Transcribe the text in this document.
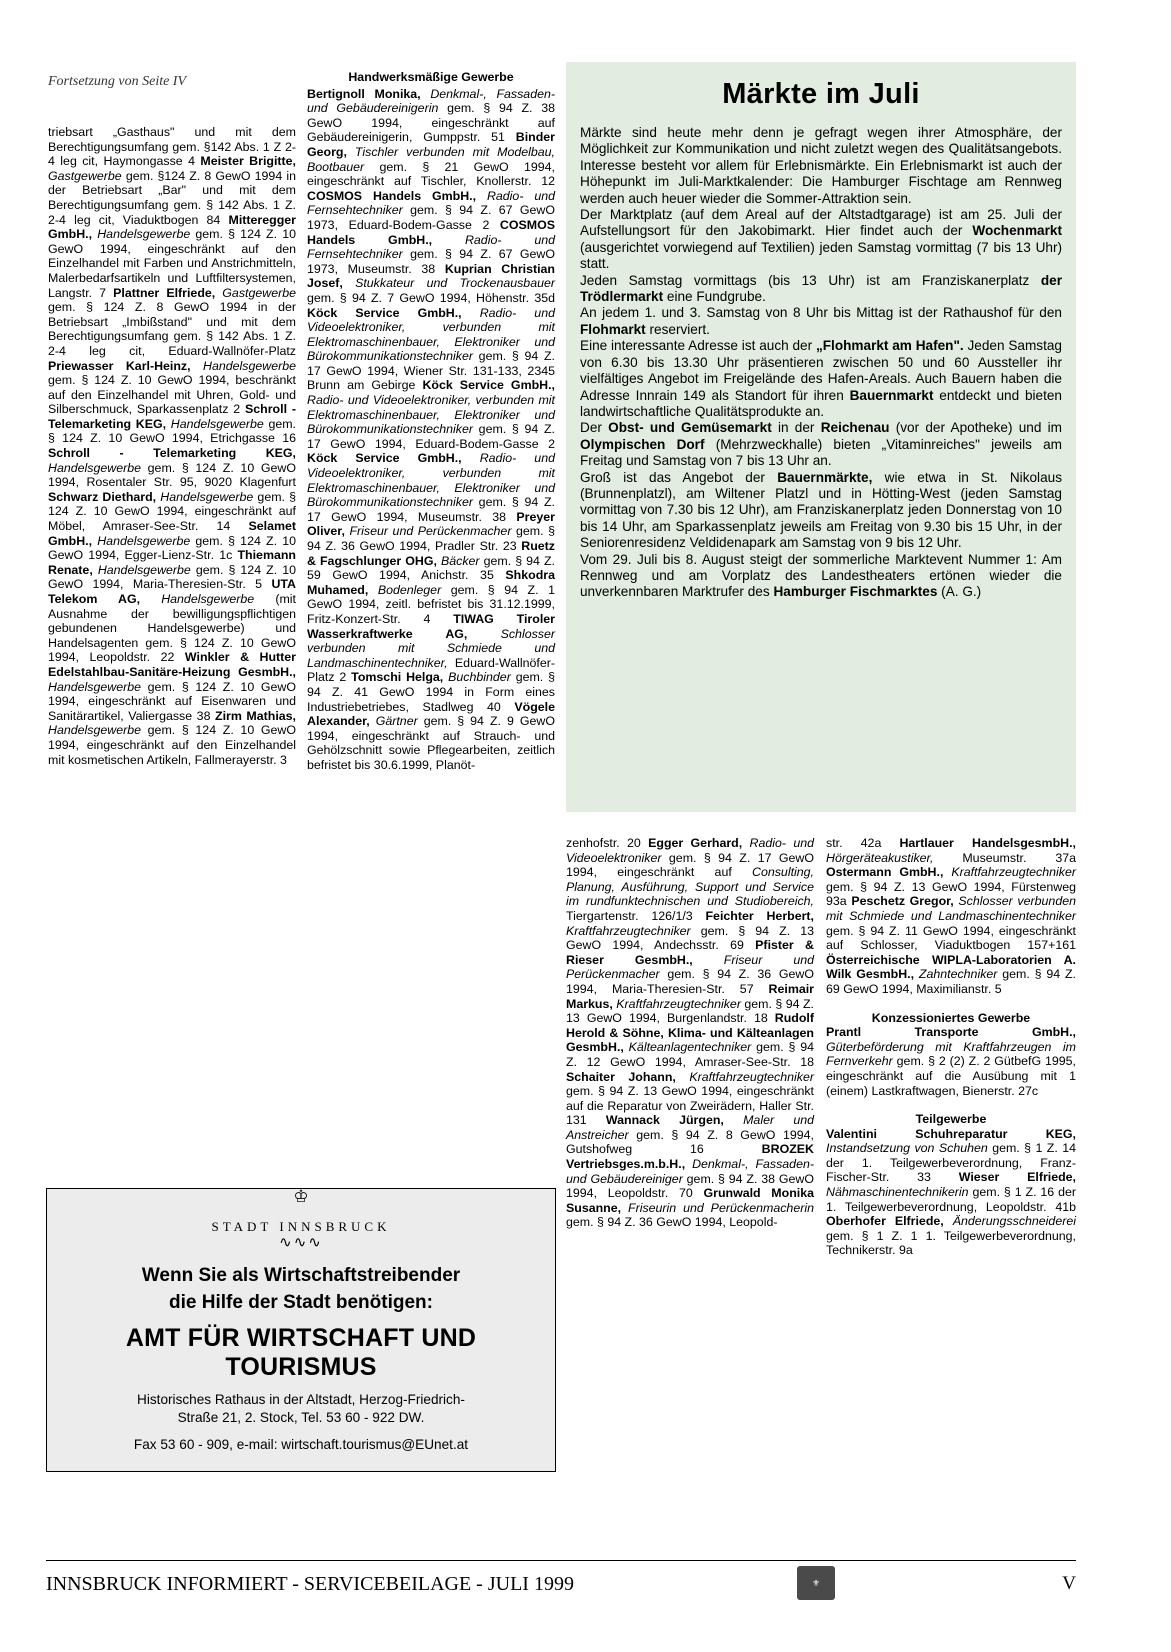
Fortsetzung von Seite IV

triebsart „Gasthaus" und mit dem Berechtigungsumfang gem. §142 Abs. 1 Z 2-4 leg cit, Haymongasse 4 Meister Brigitte, Gastgewerbe gem. §124 Z. 8 GewO 1994 in der Betriebsart „Bar" und mit dem Berechtigungsumfang gem. § 142 Abs. 1 Z. 2-4 leg cit, Viaduktbogen 84 Mitteregger GmbH., Handelsgewerbe gem. § 124 Z. 10 GewO 1994, eingeschränkt auf den Einzelhandel mit Farben und Anstrichmitteln, Malerbedarfsartikeln und Luftfiltersystemen, Langstr. 7 Plattner Elfriede, Gastgewerbe gem. § 124 Z. 8 GewO 1994 in der Betriebsart „Imbißstand" und mit dem Berechtigungsumfang gem. § 142 Abs. 1 Z. 2-4 leg cit, Eduard-Wallnöfer-Platz Priewasser Karl-Heinz, Handelsgewerbe gem. § 124 Z. 10 GewO 1994, beschränkt auf den Einzelhandel mit Uhren, Gold- und Silberschmuck, Sparkassenplatz 2 Schroll - Telemarketing KEG, Handelsgewerbe gem. § 124 Z. 10 GewO 1994, Etrichgasse 16 Schroll - Telemarketing KEG, Handelsgewerbe gem. § 124 Z. 10 GewO 1994, Rosentaler Str. 95, 9020 Klagenfurt Schwarz Diethard, Handelsgewerbe gem. § 124 Z. 10 GewO 1994, eingeschränkt auf Möbel, Amraser-See-Str. 14 Selamet GmbH., Handelsgewerbe gem. § 124 Z. 10 GewO 1994, Egger-Lienz-Str. 1c Thiemann Renate, Handelsgewerbe gem. § 124 Z. 10 GewO 1994, Maria-Theresien-Str. 5 UTA Telekom AG, Handelsgewerbe (mit Ausnahme der bewilligungspflichtigen gebundenen Handelsgewerbe) und Handelsagenten gem. § 124 Z. 10 GewO 1994, Leopoldstr. 22 Winkler & Hutter Edelstahlbau-Sanitäre-Heizung GesmbH., Handelsgewerbe gem. § 124 Z. 10 GewO 1994, eingeschränkt auf Eisenwaren und Sanitärartikel, Valiergasse 38 Zirm Mathias, Handelsgewerbe gem. § 124 Z. 10 GewO 1994, eingeschränkt auf den Einzelhandel mit kosmetischen Artikeln, Fallmerayerstr. 3

Handwerksmäßige Gewerbe

Bertignoll Monika, Denkmal-, Fassaden- und Gebäudereinigerin gem. § 94 Z. 38 GewO 1994, eingeschränkt auf Gebäudereinigerin, Gumppstr. 51 Binder Georg, Tischler verbunden mit Modelbau, Bootbauer gem. § 21 GewO 1994, eingeschränkt auf Tischler, Knollerstr. 12 COSMOS Handels GmbH., Radio- und Fernsehtechniker gem. § 94 Z. 67 GewO 1973, Eduard-Bodem-Gasse 2 COSMOS Handels GmbH.,	Radio- und Fernsehtechniker gem. § 94 Z. 67 GewO 1973, Museumstr. 38 Kuprian Christian Josef, Stukkateur und Trockenausbauer gem. § 94 Z. 7 GewO 1994, Höhenstr. 35d Köck Service GmbH., Radio- und Videoelektroniker, verbunden mit Elektromaschinenbauer, Elektroniker und Bürokommunikationstechniker gem. § 94 Z. 17 GewO 1994, Wiener Str. 131-133, 2345 Brunn am Gebirge Köck Service GmbH., Radio- und Videoelektroniker, verbunden mit Elektromaschinenbauer, Elektroniker und Bürokommunikationstechniker gem. § 94 Z. 17 GewO 1994, Eduard-Bodem-Gasse 2 Köck Service GmbH., Radio- und Videoelektroniker, verbunden mit Elektromaschinenbauer, Elektroniker und Bürokommunikationstechniker gem. § 94 Z. 17 GewO 1994, Museumstr. 38 Preyer Oliver, Friseur und Perückenmacher gem. § 94 Z. 36 GewO 1994, Pradler Str. 23 Ruetz & Fagschlunger OHG, Bäcker gem. § 94 Z. 59 GewO 1994, Anichstr. 35 Shkodra Muhamed, Bodenleger gem. § 94 Z. 1 GewO 1994, zeitl. befristet bis 31.12.1999, Fritz-Konzert-Str. 4 TIWAG Tiroler Wasserkraftwerke AG,	Schlosser verbunden mit Schmiede und Landmaschinentechniker, Eduard-Wallnöfer-Platz 2 Tomschi Helga, Buchbinder gem. § 94 Z. 41 GewO 1994 in Form eines Industriebetriebes, Stadlweg 40 Vögele Alexander, Gärtner gem. § 94 Z. 9 GewO 1994, eingeschränkt auf Strauch- und Gehölzschnitt sowie Pflegearbeiten, zeitlich befristet bis 30.6.1999, Planöt-

zenhofstr. 20 Egger Gerhard, Radio- und Videoelektroniker gem. § 94 Z. 17 GewO 1994, eingeschränkt auf Consulting, Planung, Ausführung, Support und Service im rundfunktechnischen und Studiobereich, Tiergartenstr. 126/1/3 Feichter Herbert, Kraftfahrzeugtechniker gem. § 94 Z. 13 GewO 1994, Andechsstr. 69 Pfister & Rieser GesmbH.,	Friseur und Perückenmacher gem. § 94 Z. 36 GewO 1994, Maria-Theresien-Str. 57 Reimair Markus, Kraftfahrzeugtechniker gem. § 94 Z. 13 GewO 1994, Burgenlandstr. 18 Rudolf Herold & Söhne, Klima- und Kälteanlagen GesmbH., Kälteanlagentechniker gem. § 94 Z. 12 GewO 1994, Amraser-See-Str. 18 Schaiter Johann, Kraftfahrzeugtechniker gem. § 94 Z. 13 GewO 1994, eingeschränkt auf die Reparatur von Zweirädern, Haller Str. 131 Wannack Jürgen, Maler und Anstreicher gem. § 94 Z. 8 GewO 1994, Gutshofweg 16 BROZEK Vertriebsges.m.b.H., Denkmal-, Fassaden- und Gebäudereiniger gem. § 94 Z. 38 GewO 1994, Leopoldstr. 70 Grunwald Monika Susanne, Friseurin und Perückenmacherin gem. § 94 Z. 36 GewO 1994, Leopold-

str. 42a Hartlauer HandelsgesmbH., Hörgeräteakustiker, Museumstr. 37a Ostermann GmbH., Kraftfahrzeugtechniker gem. § 94 Z. 13 GewO 1994, Fürstenweg 93a Peschetz Gregor, Schlosser verbunden mit Schmiede und Landmaschinentechniker gem. § 94 Z. 11 GewO 1994, eingeschränkt auf Schlosser, Viaduktbogen 157+161 Österreichische WIPLA-Laboratorien A. Wilk GesmbH., Zahntechniker gem. § 94 Z. 69 GewO 1994, Maximilianstr. 5

Konzessioniertes Gewerbe

Prantl Transporte GmbH., Güterbeförderung mit Kraftfahrzeugen im Fernverkehr gem. § 2 (2) Z. 2 GütbefG 1995, eingeschränkt auf die Ausübung mit 1 (einem) Lastkraftwagen, Bienerstr. 27c

Teilgewerbe

Valentini Schuhreparatur KEG, Instandsetzung von Schuhen gem. § 1 Z. 14 der 1. Teilgewerbeverordnung, Franz-Fischer-Str. 33 Wieser Elfriede, Nähmaschinentechnikerin gem. § 1 Z. 16 der 1. Teilgewerbeverordnung, Leopoldstr. 41b Oberhofer Elfriede, Änderungsschneiderei gem. § 1 Z. 1 1. Teilgewerbeverordnung, Technikerstr. 9a

Märkte im Juli
Märkte sind heute mehr denn je gefragt wegen ihrer Atmosphäre, der Möglichkeit zur Kommunikation und nicht zuletzt wegen des Qualitätsangebots. Interesse besteht vor allem für Erlebnismärkte. Ein Erlebnismarkt ist auch der Höhepunkt im Juli-Marktkalender: Die Hamburger Fischtage am Rennweg werden auch heuer wieder die Sommer-Attraktion sein.
Der Marktplatz (auf dem Areal auf der Altstadtgarage) ist am 25. Juli der Aufstellungsort für den Jakobimarkt. Hier findet auch der Wochenmarkt (ausgerichtet vorwiegend auf Textilien) jeden Samstag vormittag (7 bis 13 Uhr) statt.
Jeden Samstag vormittags (bis 13 Uhr) ist am Franziskanerplatz der Trödlermarkt eine Fundgrube.
An jedem 1. und 3. Samstag von 8 Uhr bis Mittag ist der Rathaushof für den Flohmarkt reserviert.
Eine interessante Adresse ist auch der „Flohmarkt am Hafen". Jeden Samstag von 6.30 bis 13.30 Uhr präsentieren zwischen 50 und 60 Aussteller ihr vielfältiges Angebot im Freigelände des Hafen-Areals. Auch Bauern haben die Adresse Innrain 149 als Standort für ihren Bauernmarkt entdeckt und bieten landwirtschaftliche Qualitätsprodukte an.
Der Obst- und Gemüsemarkt in der Reichenau (vor der Apotheke) und im Olympischen Dorf (Mehrzweckhalle) bieten „Vitaminreiches" jeweils am Freitag und Samstag von 7 bis 13 Uhr an.
Groß ist das Angebot der Bauernmärkte, wie etwa in St. Nikolaus (Brunnenplatzl), am Wiltener Platzl und in Hötting-West (jeden Samstag vormittag von 7.30 bis 12 Uhr), am Franziskanerplatz jeden Donnerstag von 10 bis 14 Uhr, am Sparkassenplatz jeweils am Freitag von 9.30 bis 15 Uhr, in der Seniorenresidenz Veldidenapark am Samstag von 9 bis 12 Uhr.
Vom 29. Juli bis 8. August steigt der sommerliche Marktevent Nummer 1: Am Rennweg und am Vorplatz des Landestheaters ertönen wieder die unverkennbaren Marktrufer des Hamburger Fischmarktes (A. G.)
♔
STADT INNSBRUCK
∿∿∿
Wenn Sie als Wirtschaftstreibender
die Hilfe der Stadt benötigen:
AMT FÜR WIRTSCHAFT UND TOURISMUS
Historisches Rathaus in der Altstadt, Herzog-Friedrich-
Straße 21, 2. Stock, Tel. 53 60 - 922 DW.
Fax 53 60 - 909, e-mail: wirtschaft.tourismus@EUnet.at
⚜
INNSBRUCK INFORMIERT - SERVICEBEILAGE - JULI 1999	V
